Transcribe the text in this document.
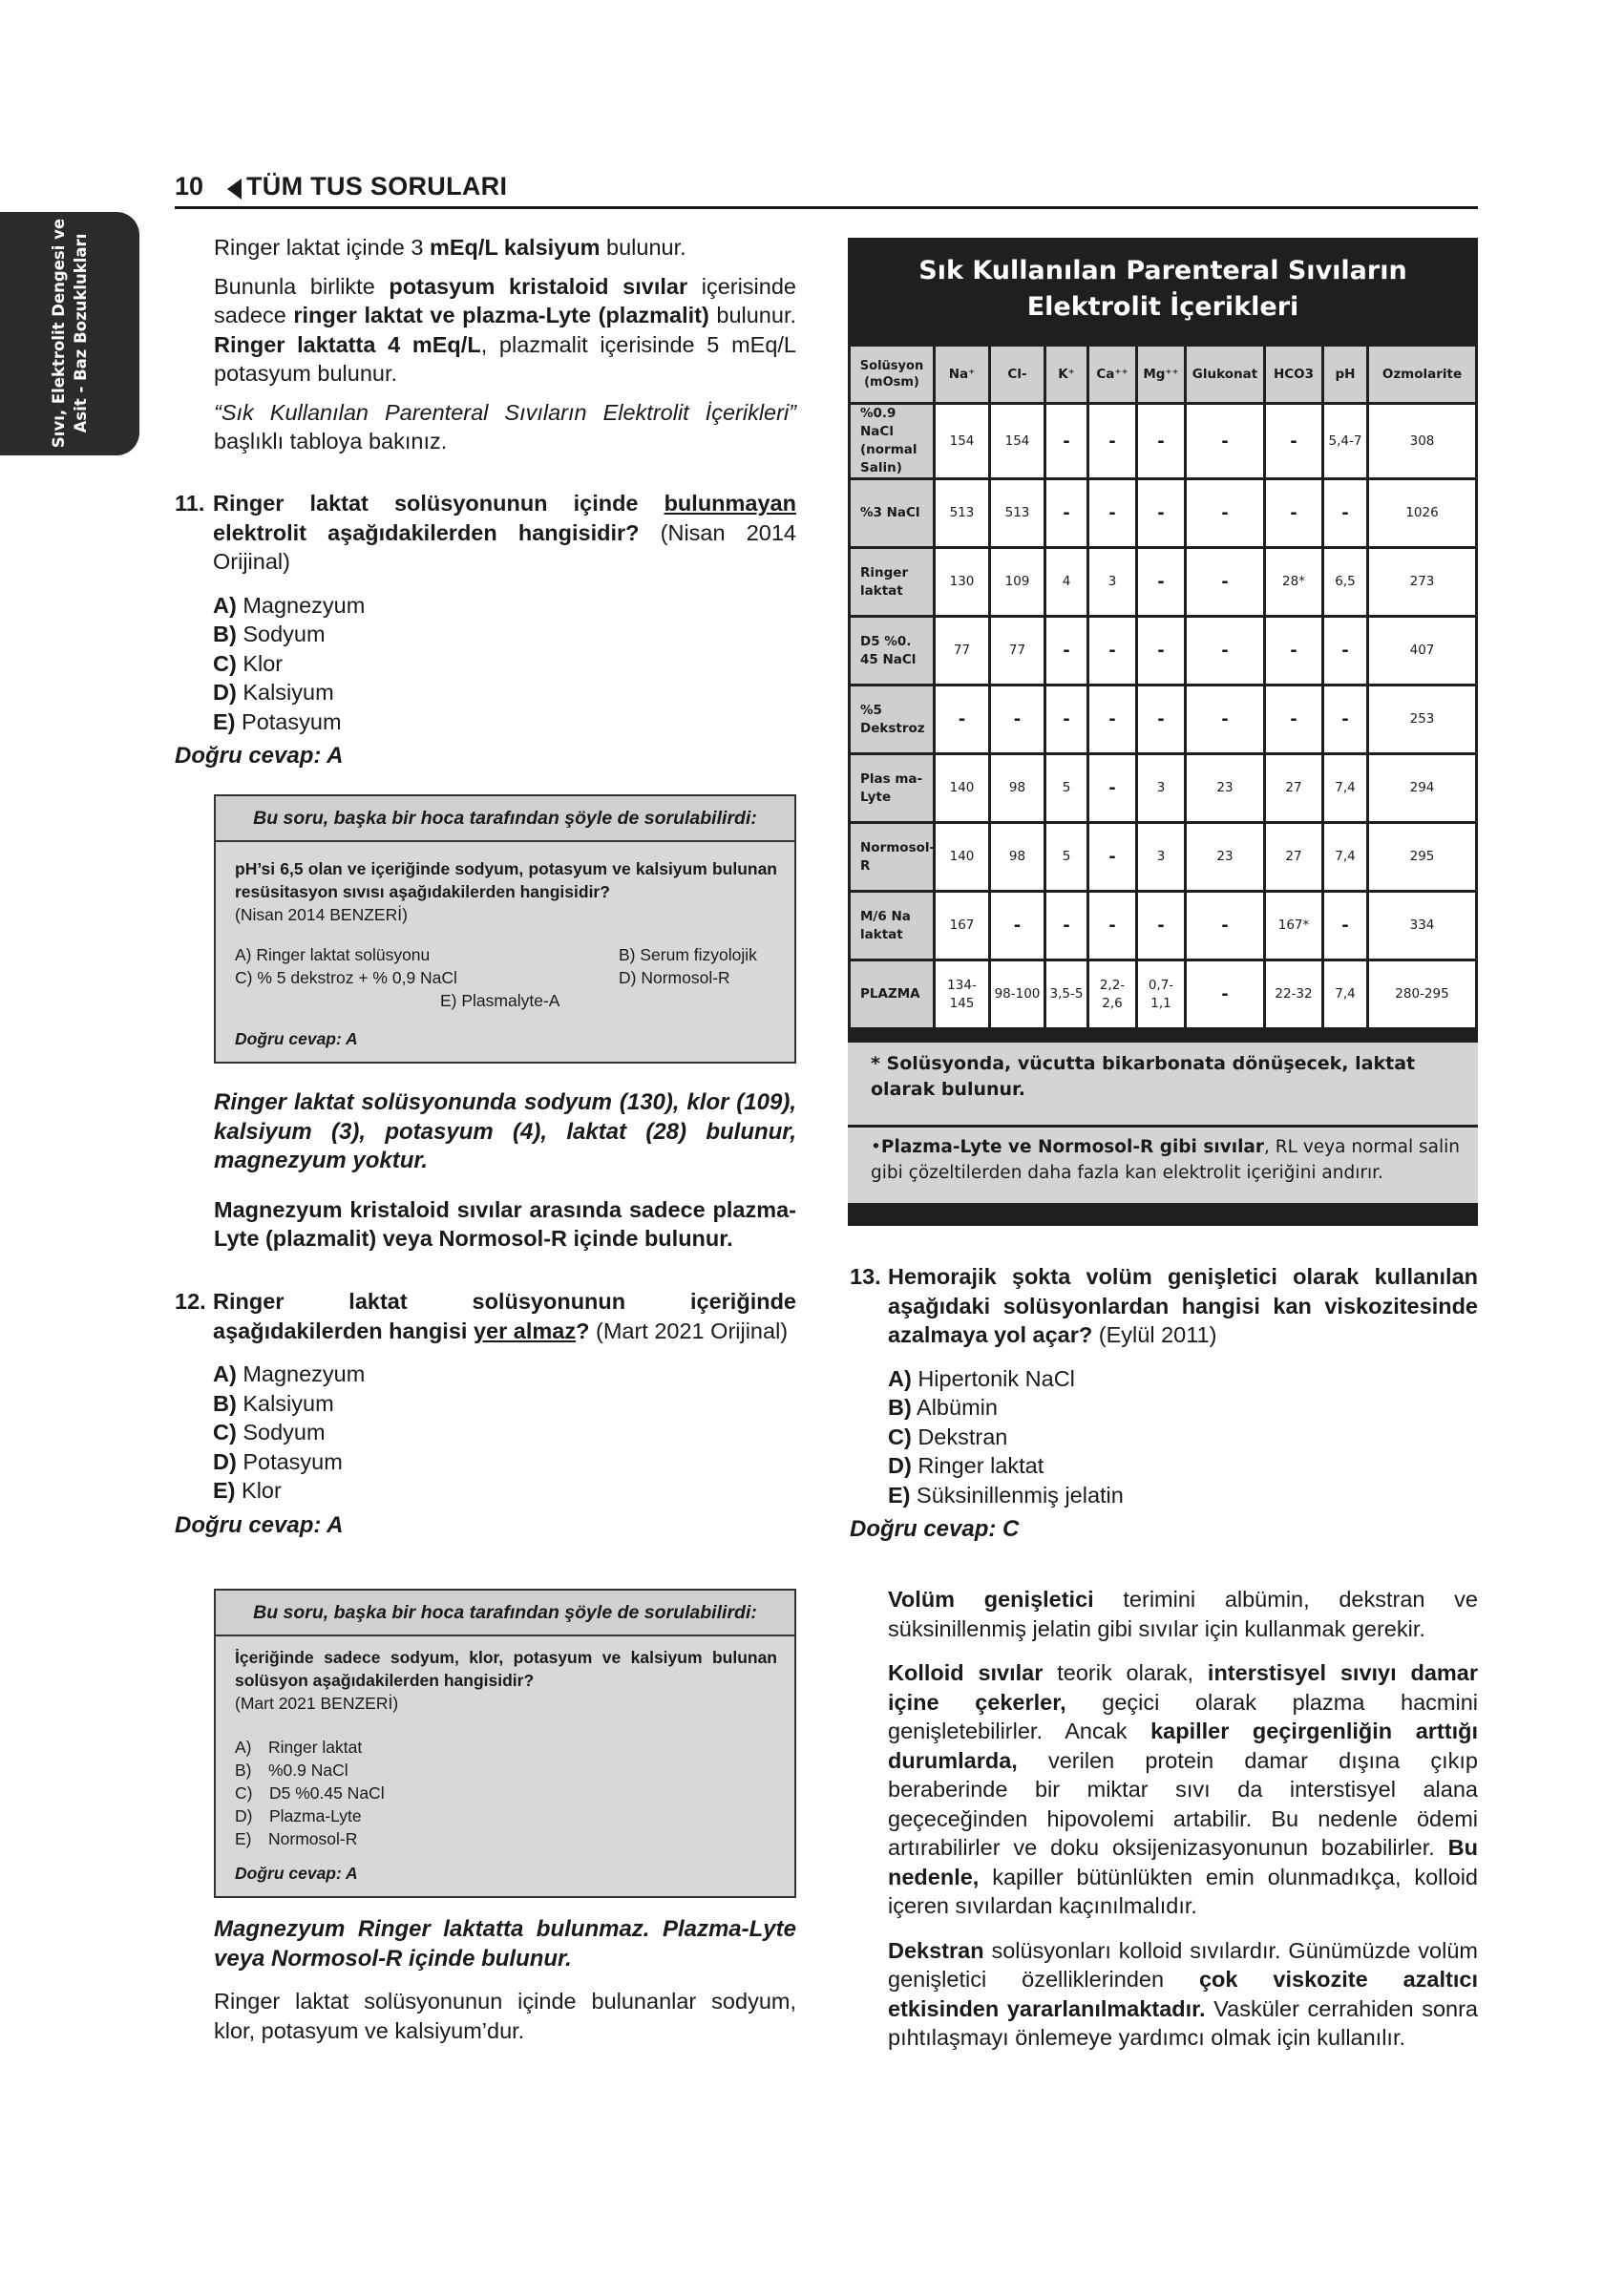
10 TÜM TUS SORULARI
Sıvı, Elektrolit Dengesi ve Asit - Baz Bozuklukları	Ringer laktat içinde 3 mEq/L kalsiyum bulunur.

Bununla birlikte potasyum kristaloid sıvılar içerisinde sadece ringer laktat ve plazma-Lyte (plazmalit) bulunur. Ringer laktatta 4 mEq/L, plazmalit içerisinde 5 mEq/L potasyum bulunur.

“Sık Kullanılan Parenteral Sıvıların Elektrolit İçerikleri” başlıklı tabloya bakınız.

11. Ringer laktat solüsyonunun içinde bulunmayan elektrolit aşağıdakilerden hangisidir? (Nisan 2014 Orijinal)

A) Magnezyum
B) Sodyum
C) Klor
D) Kalsiyum
E) Potasyum
Doğru cevap: A
Bu soru, başka bir hoca tarafından şöyle de sorulabilirdi:

pH’si 6,5 olan ve içeriğinde sodyum, potasyum ve kalsiyum bulunan resüsitasyon sıvısı aşağıdakilerden hangisidir?

(Nisan 2014 BENZERİ)

A) Ringer laktat solüsyonu	B) Serum fizyolojik
C) % 5 dekstroz + % 0,9 NaCl	D) Normosol-R
E) Plasmalyte-A
Doğru cevap: A

Ringer laktat solüsyonunda sodyum (130), klor (109), kalsiyum (3), potasyum (4), laktat (28) bulunur, magnezyum yoktur.

Magnezyum kristaloid sıvılar arasında sadece plazma-Lyte (plazmalit) veya Normosol-R içinde bulunur.

12. Ringer laktat solüsyonunun içeriğinde aşağıdakilerden hangisi yer almaz? (Mart 2021 Orijinal)

A) Magnezyum
B) Kalsiyum
C) Sodyum
D) Potasyum
E) Klor
Doğru cevap: A
Bu soru, başka bir hoca tarafından şöyle de sorulabilirdi:

İçeriğinde sadece sodyum, klor, potasyum ve kalsiyum bulunan solüsyon aşağıdakilerden hangisidir?

(Mart 2021 BENZERİ)

A) Ringer laktat
B) %0.9 NaCl
C) D5 %0.45 NaCl
D) Plazma-Lyte
E) Normosol-R
Doğru cevap: A

Magnezyum Ringer laktatta bulunmaz. Plazma-Lyte veya Normosol-R içinde bulunur.

Ringer laktat solüsyonunun içinde bulunanlar sodyum, klor, potasyum ve kalsiyum’dur.

Sık Kullanılan Parenteral Sıvıların
Elektrolit İçerikleri
Solüsyon (mOsm)	Na⁺	Cl-	K⁺	Ca⁺⁺	Mg⁺⁺	Glukonat	HCO3	pH	Ozmolarite
%0.9 NaCl (normal Salin)	154	154	-	-	-	-	-	5,4-7	308
%3 NaCl	513	513	-	-	-	-	-	-	1026
Ringer laktat	130	109	4	3	-	-	28*	6,5	273
D5 %0. 45 NaCl	77	77	-	-	-	-	-	-	407
%5 Dekstroz	-	-	-	-	-	-	-	-	253
Plas ma-Lyte	140	98	5	-	3	23	27	7,4	294
Normosol-R	140	98	5	-	3	23	27	7,4	295
M/6 Na laktat	167	-	-	-	-	-	167*	-	334
PLAZMA	134-145	98-100	3,5-5	2,2-2,6	0,7-1,1	-	22-32	7,4	280-295
* Solüsyonda, vücutta bikarbonata dönüşecek, laktat olarak bulunur.
•Plazma-Lyte ve Normosol-R gibi sıvılar, RL veya normal salin gibi çözeltilerden daha fazla kan elektrolit içeriğini andırır.
13. Hemorajik şokta volüm genişletici olarak kullanılan aşağıdaki solüsyonlardan hangisi kan viskozitesinde azalmaya yol açar? (Eylül 2011)

A) Hipertonik NaCl
B) Albümin
C) Dekstran
D) Ringer laktat
E) Süksinillenmiş jelatin
Doğru cevap: C

Volüm genişletici terimini albümin, dekstran ve süksinillenmiş jelatin gibi sıvılar için kullanmak gerekir.

Kolloid sıvılar teorik olarak, interstisyel sıvıyı damar içine çekerler, geçici olarak plazma hacmini genişletebilirler. Ancak kapiller geçirgenliğin arttığı durumlarda, verilen protein damar dışına çıkıp beraberinde bir miktar sıvı da interstisyel alana geçeceğinden hipovolemi artabilir. Bu nedenle ödemi artırabilirler ve doku oksijenizasyonunun bozabilirler. Bu nedenle, kapiller bütünlükten emin olunmadıkça, kolloid içeren sıvılardan kaçınılmalıdır.

Dekstran solüsyonları kolloid sıvılardır. Günümüzde volüm genişletici özelliklerinden çok viskozite azaltıcı etkisinden yararlanılmaktadır. Vasküler cerrahiden sonra pıhtılaşmayı önlemeye yardımcı olmak için kullanılır.
